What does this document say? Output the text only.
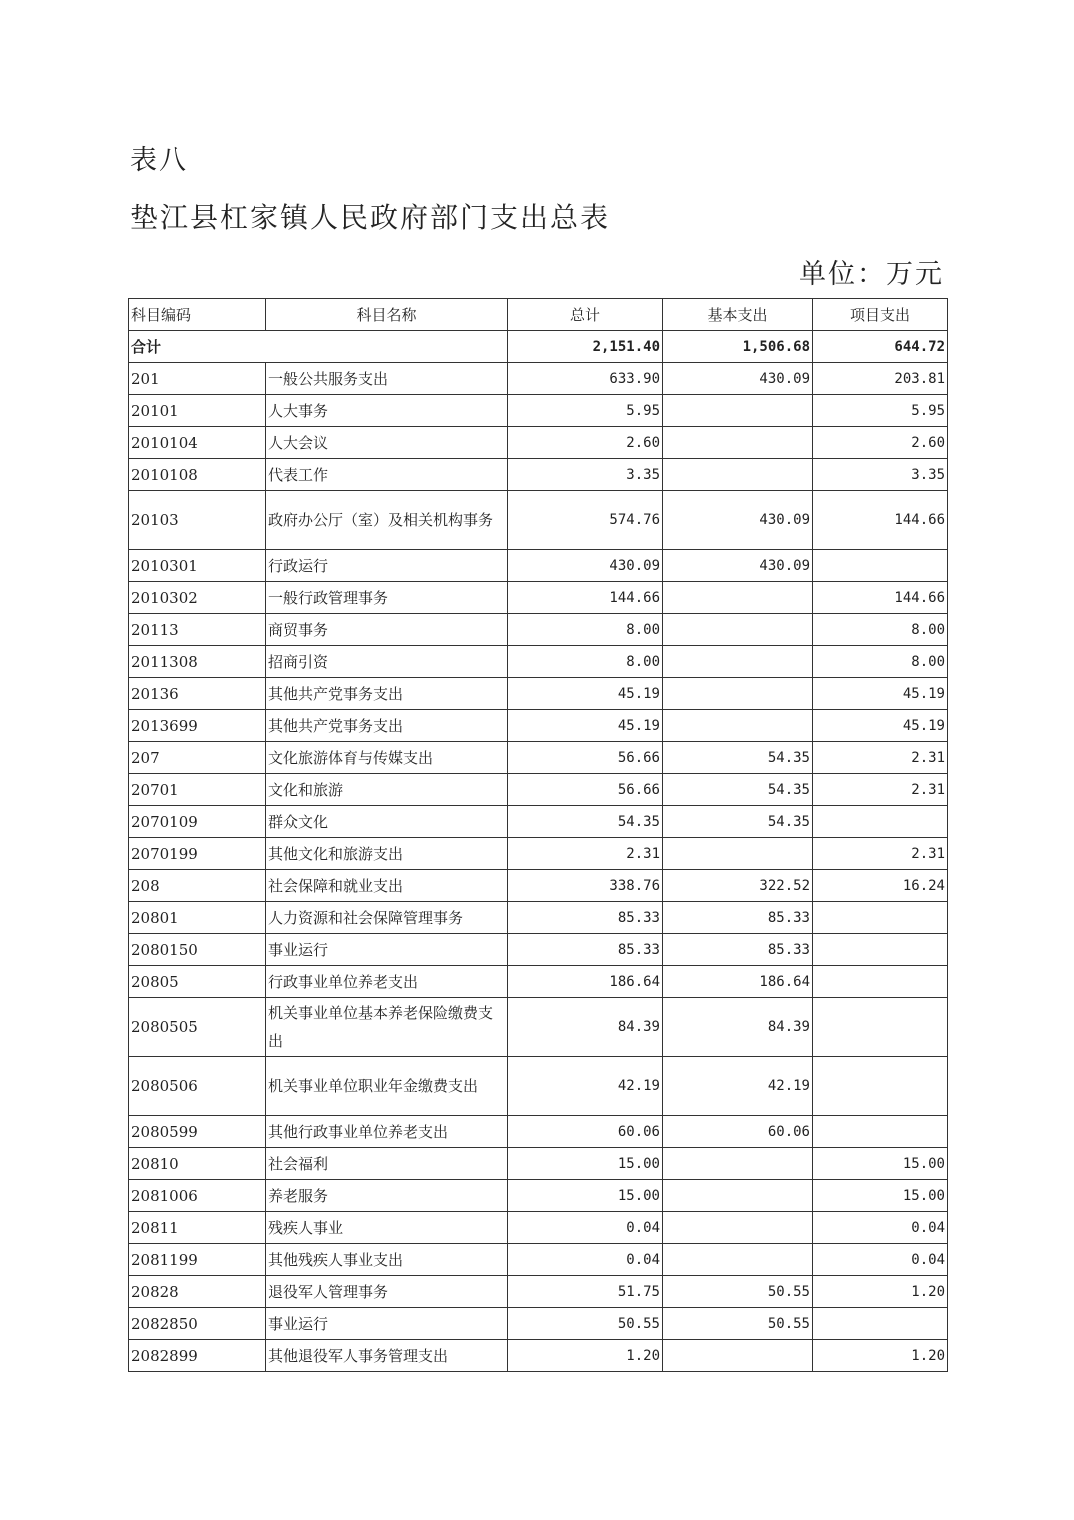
表八
垫江县杠家镇人民政府部门支出总表
单位：万元
科目编码	科目名称	总计	基本支出	项目支出
合计		2,151.40	1,506.68	644.72
201	一般公共服务支出	633.90	430.09	203.81
20101	人大事务	5.95		5.95
2010104	人大会议	2.60		2.60
2010108	代表工作	3.35		3.35
20103	政府办公厅（室）及相关机构事务	574.76	430.09	144.66
2010301	行政运行	430.09	430.09	
2010302	一般行政管理事务	144.66		144.66
20113	商贸事务	8.00		8.00
2011308	招商引资	8.00		8.00
20136	其他共产党事务支出	45.19		45.19
2013699	其他共产党事务支出	45.19		45.19
207	文化旅游体育与传媒支出	56.66	54.35	2.31
20701	文化和旅游	56.66	54.35	2.31
2070109	群众文化	54.35	54.35	
2070199	其他文化和旅游支出	2.31		2.31
208	社会保障和就业支出	338.76	322.52	16.24
20801	人力资源和社会保障管理事务	85.33	85.33	
2080150	事业运行	85.33	85.33	
20805	行政事业单位养老支出	186.64	186.64	
2080505	机关事业单位基本养老保险缴费支出	84.39	84.39	
2080506	机关事业单位职业年金缴费支出	42.19	42.19	
2080599	其他行政事业单位养老支出	60.06	60.06	
20810	社会福利	15.00		15.00
2081006	养老服务	15.00		15.00
20811	残疾人事业	0.04		0.04
2081199	其他残疾人事业支出	0.04		0.04
20828	退役军人管理事务	51.75	50.55	1.20
2082850	事业运行	50.55	50.55	
2082899	其他退役军人事务管理支出	1.20		1.20
